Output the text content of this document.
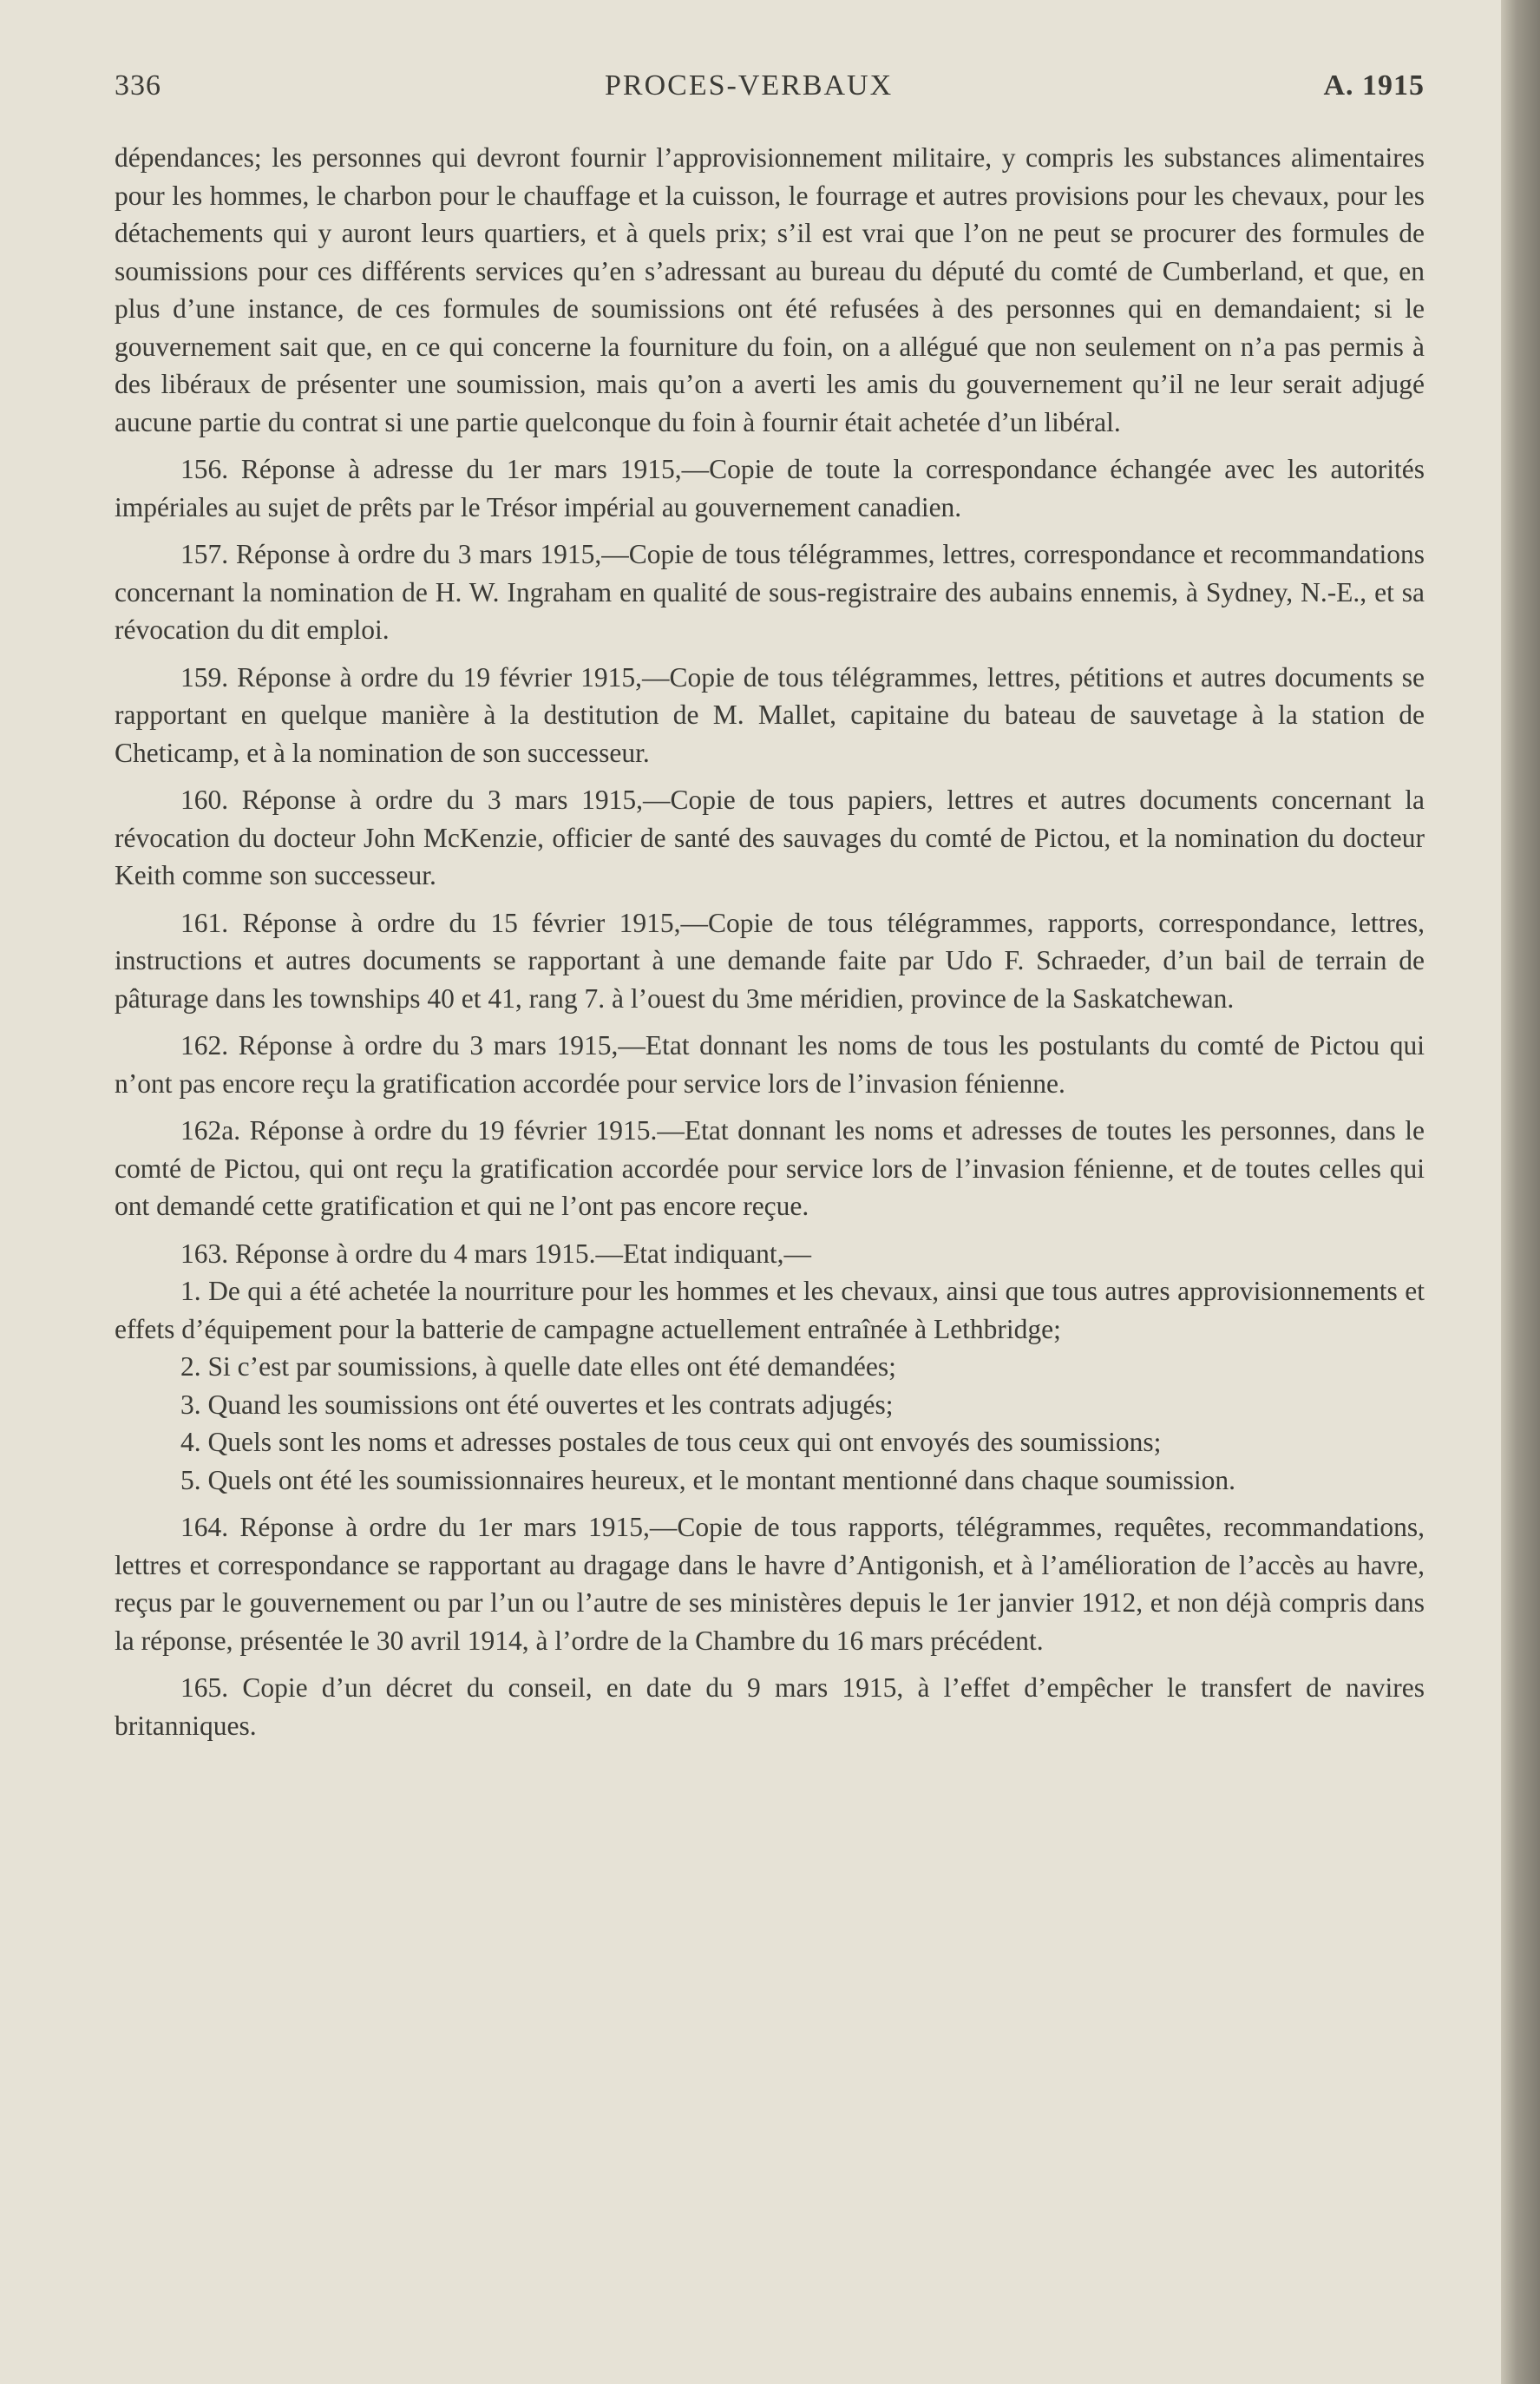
336	PROCES-VERBAUX	A. 1915

dépendances; les personnes qui devront fournir l’approvisionnement militaire, y compris les substances alimentaires pour les hommes, le charbon pour le chauffage et la cuisson, le fourrage et autres provisions pour les chevaux, pour les détachements qui y auront leurs quartiers, et à quels prix; s’il est vrai que l’on ne peut se procurer des formules de soumissions pour ces différents services qu’en s’adressant au bureau du député du comté de Cumberland, et que, en plus d’une instance, de ces formules de soumissions ont été refusées à des personnes qui en demandaient; si le gouvernement sait que, en ce qui concerne la fourniture du foin, on a allégué que non seulement on n’a pas permis à des libéraux de présenter une soumission, mais qu’on a averti les amis du gouvernement qu’il ne leur serait adjugé aucune partie du contrat si une partie quelconque du foin à fournir était achetée d’un libéral.

156. Réponse à adresse du 1er mars 1915,—Copie de toute la correspondance échangée avec les autorités impériales au sujet de prêts par le Trésor impérial au gouvernement canadien.

157. Réponse à ordre du 3 mars 1915,—Copie de tous télégrammes, lettres, correspondance et recommandations concernant la nomination de H. W. Ingraham en qualité de sous-registraire des aubains ennemis, à Sydney, N.-E., et sa révocation du dit emploi.

159. Réponse à ordre du 19 février 1915,—Copie de tous télégrammes, lettres, pétitions et autres documents se rapportant en quelque manière à la destitution de M. Mallet, capitaine du bateau de sauvetage à la station de Cheticamp, et à la nomination de son successeur.

160. Réponse à ordre du 3 mars 1915,—Copie de tous papiers, lettres et autres documents concernant la révocation du docteur John McKenzie, officier de santé des sauvages du comté de Pictou, et la nomination du docteur Keith comme son successeur.

161. Réponse à ordre du 15 février 1915,—Copie de tous télégrammes, rapports, correspondance, lettres, instructions et autres documents se rapportant à une demande faite par Udo F. Schraeder, d’un bail de terrain de pâturage dans les townships 40 et 41, rang 7. à l’ouest du 3me méridien, province de la Saskatchewan.

162. Réponse à ordre du 3 mars 1915,—Etat donnant les noms de tous les postulants du comté de Pictou qui n’ont pas encore reçu la gratification accordée pour service lors de l’invasion fénienne.

162a. Réponse à ordre du 19 février 1915.—Etat donnant les noms et adresses de toutes les personnes, dans le comté de Pictou, qui ont reçu la gratification accordée pour service lors de l’invasion fénienne, et de toutes celles qui ont demandé cette gratification et qui ne l’ont pas encore reçue.

163. Réponse à ordre du 4 mars 1915.—Etat indiquant,—

1. De qui a été achetée la nourriture pour les hommes et les chevaux, ainsi que tous autres approvisionnements et effets d’équipement pour la batterie de campagne actuellement entraînée à Lethbridge;

2. Si c’est par soumissions, à quelle date elles ont été demandées;

3. Quand les soumissions ont été ouvertes et les contrats adjugés;

4. Quels sont les noms et adresses postales de tous ceux qui ont envoyés des soumissions;

5. Quels ont été les soumissionnaires heureux, et le montant mentionné dans chaque soumission.

164. Réponse à ordre du 1er mars 1915,—Copie de tous rapports, télégrammes, requêtes, recommandations, lettres et correspondance se rapportant au dragage dans le havre d’Antigonish, et à l’amélioration de l’accès au havre, reçus par le gouvernement ou par l’un ou l’autre de ses ministères depuis le 1er janvier 1912, et non déjà compris dans la réponse, présentée le 30 avril 1914, à l’ordre de la Chambre du 16 mars précédent.

165. Copie d’un décret du conseil, en date du 9 mars 1915, à l’effet d’empêcher le transfert de navires britanniques.
